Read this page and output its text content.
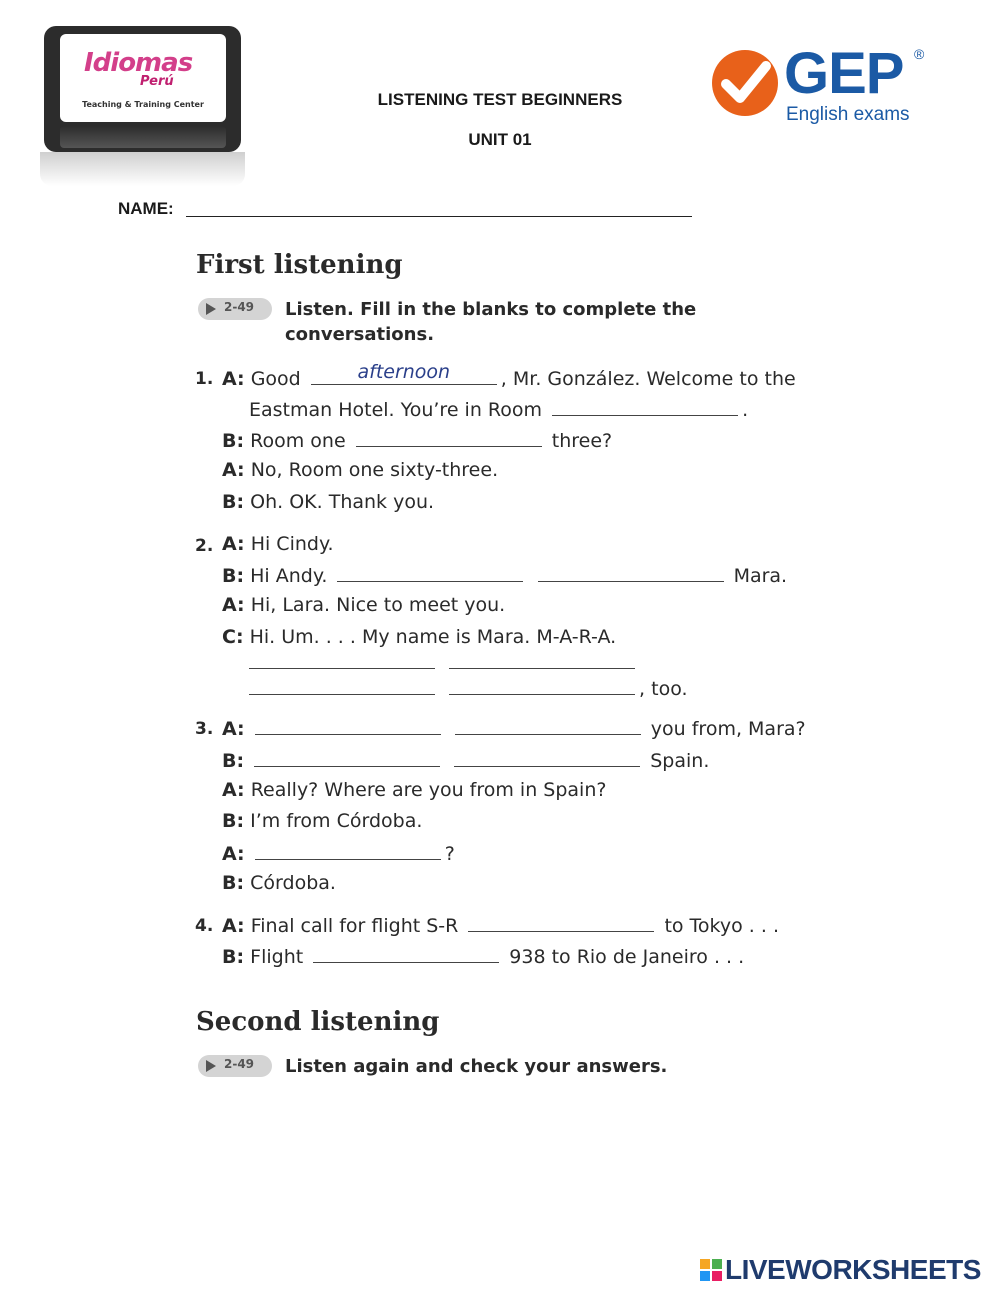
Idiomas
Perú
Teaching & Training Center	LISTENING TEST BEGINNERS
UNIT 01
GEP ®
English exams
NAME:
First listening
2-49 Listen. Fill in the blanks to complete the
conversations.
1. A: Good	afternoon	, Mr. González. Welcome to the
Eastman Hotel. You’re in Room	.
B: Room one	three?
A: No, Room one sixty-three.
B: Oh. OK. Thank you.
2. A: Hi Cindy.
B: Hi Andy.	Mara.
A: Hi, Lara. Nice to meet you.
C: Hi. Um. . . . My name is Mara. M-A-R-A.

, too.
3. A:	you from, Mara?
B:	Spain.
A: Really? Where are you from in Spain?
B: I’m from Córdoba.
A:	?
B: Córdoba.
4. A: Final call for flight S-R	to Tokyo . . .
B: Flight	938 to Rio de Janeiro . . .
Second listening
2-49 Listen again and check your answers.
LIVEWORKSHEETS
